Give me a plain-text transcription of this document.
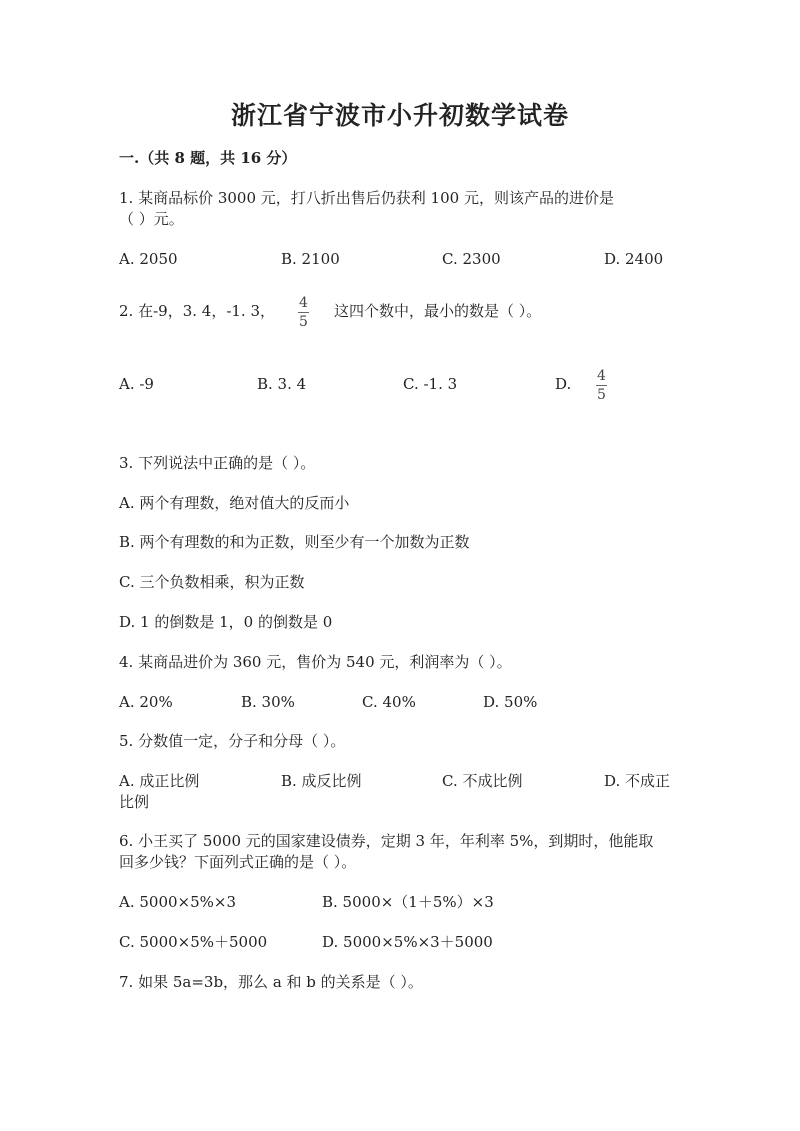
浙江省宁波市小升初数学试卷
一.（共 8 题，共 16 分）
1. 某商品标价 3000 元，打八折出售后仍获利 100 元，则该产品的进价是
（ ）元。
A. 2050	B. 2100	C. 2300	D. 2400
2. 在-9，3. 4，-1. 3， 4
5
这四个数中，最小的数是（ ）。
A. -9	B. 3. 4	C. -1. 3	D. 4
5
3. 下列说法中正确的是（ ）。
A. 两个有理数，绝对值大的反而小
B. 两个有理数的和为正数，则至少有一个加数为正数
C. 三个负数相乘，积为正数
D. 1 的倒数是 1，0 的倒数是 0
4. 某商品进价为 360 元，售价为 540 元，利润率为（ ）。
A. 20%	B. 30%	C. 40%	D. 50%
5. 分数值一定，分子和分母（ ）。
A. 成正比例	B. 成反比例	C. 不成比例	D. 不成正
比例
6. 小王买了 5000 元的国家建设债券，定期 3 年，年利率 5%，到期时，他能取
回多少钱？下面列式正确的是（ ）。
A. 5000×5%×3	B. 5000×（1＋5%）×3
C. 5000×5%＋5000	D. 5000×5%×3＋5000
7. 如果 5a=3b，那么 a 和 b 的关系是（ ）。
